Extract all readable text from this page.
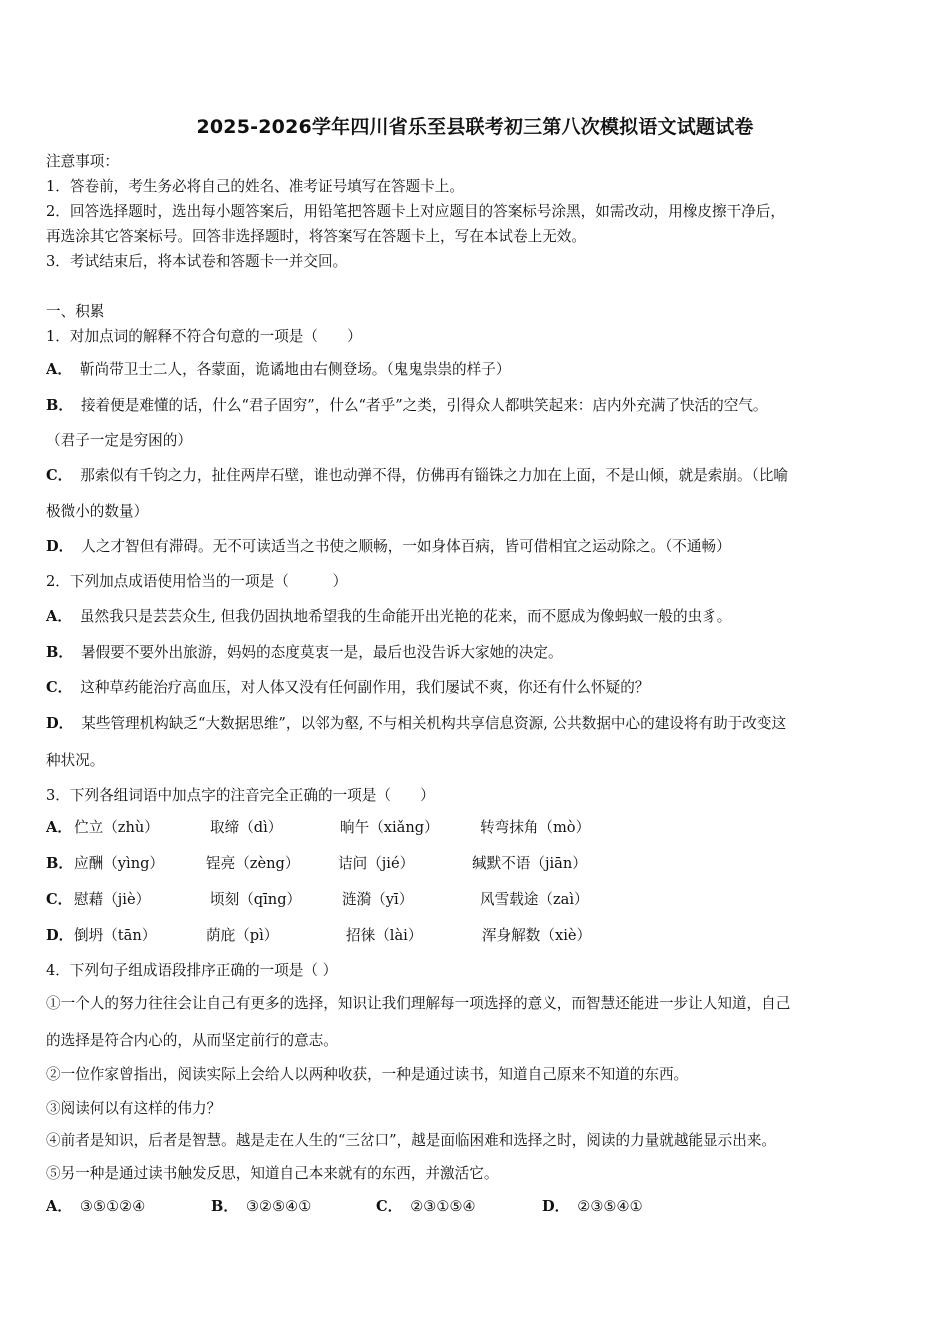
2025-2026学年四川省乐至县联考初三第八次模拟语文试题试卷
注意事项：
1．答卷前，考生务必将自己的姓名、准考证号填写在答题卡上。
2．回答选择题时，选出每小题答案后，用铅笔把答题卡上对应题目的答案标号涂黑，如需改动，用橡皮擦干净后，
再选涂其它答案标号。回答非选择题时，将答案写在答题卡上，写在本试卷上无效。
3．考试结束后，将本试卷和答题卡一并交回。
一、积累
1．对加点词的解释不符合句意的一项是（　　）
A． 靳尚带卫士二人，各蒙面，诡谲地由右侧登场。（鬼鬼祟祟的样子）
B． 接着便是难懂的话，什么“君子固穷”，什么“者乎”之类，引得众人都哄笑起来：店内外充满了快活的空气。
（君子一定是穷困的）
C． 那索似有千钧之力，扯住两岸石壁，谁也动弹不得，仿佛再有锱铢之力加在上面，不是山倾，就是索崩。（比喻
极微小的数量）
D． 人之才智但有滞碍。无不可读适当之书使之顺畅，一如身体百病，皆可借相宜之运动除之。（不通畅）
2．下列加点成语使用恰当的一项是（　　　）
A． 虽然我只是芸芸众生, 但我仍固执地希望我的生命能开出光艳的花来，而不愿成为像蚂蚁一般的虫豸。
B． 暑假要不要外出旅游，妈妈的态度莫衷一是，最后也没告诉大家她的决定。
C． 这种草药能治疗高血压，对人体又没有任何副作用，我们屡试不爽，你还有什么怀疑的？
D． 某些管理机构缺乏“大数据思维”，以邻为壑, 不与相关机构共享信息资源, 公共数据中心的建设将有助于改变这
种状况。
3．下列各组词语中加点字的注音完全正确的一项是（　　）
A． 伫立（zhù）	取缔（dì）	晌午（xiǎng）	转弯抹角（mò）
B． 应酬（yìng）	锃亮（zèng）	诘问（jié）	缄默不语（jiān）
C． 慰藉（jiè）	顷刻（qīng）	涟漪（yī）	风雪载途（zaì）
D． 倒坍（tān）	荫庇（pì）	招徕（lài）	浑身解数（xiè）
4．下列句子组成语段排序正确的一项是（ ）
①一个人的努力往往会让自己有更多的选择，知识让我们理解每一项选择的意义，而智慧还能进一步让人知道，自己
的选择是符合内心的，从而坚定前行的意志。
②一位作家曾指出，阅读实际上会给人以两种收获，一种是通过读书，知道自己原来不知道的东西。
③阅读何以有这样的伟力？
④前者是知识，后者是智慧。越是走在人生的“三岔口”，越是面临困难和选择之时，阅读的力量就越能显示出来。
⑤另一种是通过读书触发反思，知道自己本来就有的东西，并激活它。
A． ③⑤①②④	B． ③②⑤④①	C． ②③①⑤④	D． ②③⑤④①
